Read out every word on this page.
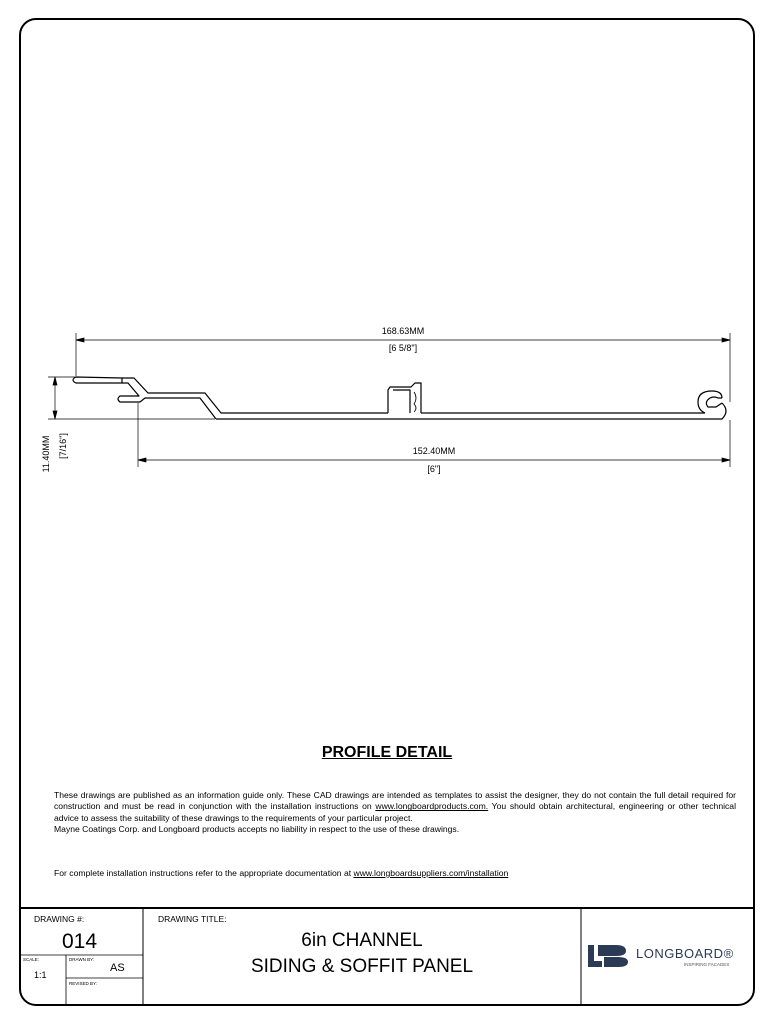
168.63MM
[6 5/8"]
152.40MM
[6"]
11.40MM [7/16"]
PROFILE DETAIL

These drawings are published as an information guide only. These CAD drawings are intended as templates to assist the designer, they do not contain the full detail required for construction and must be read in conjunction with the installation instructions on www.longboardproducts.com. You should obtain architectural, engineering or other technical advice to assess the suitability of these drawings to the requirements of your particular project.

Mayne Coatings Corp. and Longboard products accepts no liability in respect to the use of these drawings.

For complete installation instructions refer to the appropriate documentation at www.longboardsuppliers.com/installation
DRAWING #:
014
SCALE:
1:1
DRAWN BY:
AS
REVISED BY:
DRAWING TITLE:
6in CHANNEL
SIDING & SOFFIT PANEL
LONGBOARD®
INSPIRING FACADES
